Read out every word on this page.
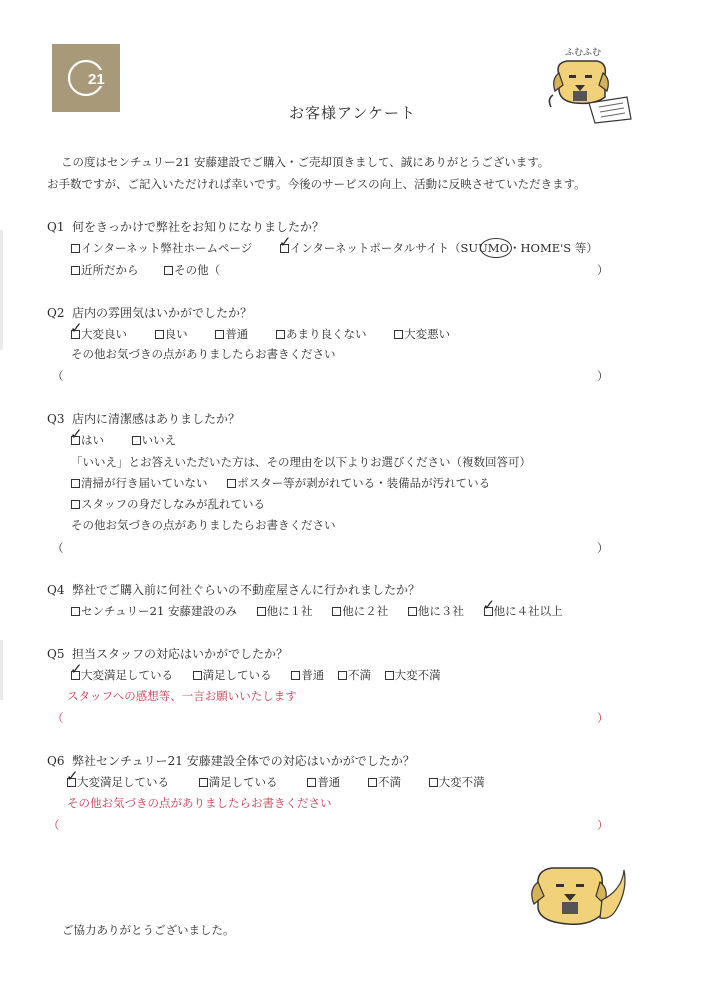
21
ふむふむ
お客様アンケート
この度はセンチュリー21 安藤建設でご購入・ご売却頂きまして、誠にありがとうございます。
お手数ですが、ご記入いただければ幸いです。今後のサービスの向上、活動に反映させていただきます。
Q1 何をきっかけで弊社をお知りになりましたか？
インターネット弊社ホームページ ✓
インターネットポータルサイト（SUUMO・HOME'S 等）
近所だから	その他（	）
Q2 店内の雰囲気はいかがでしたか？
✓
大変良い	良い	普通	あまり良くない	大変悪い
その他お気づきの点がありましたらお書きください
（	）
Q3 店内に清潔感はありましたか？
✓
はい	いいえ
「いいえ」とお答えいただいた方は、その理由を以下よりお選びください（複数回答可）
清掃が行き届いていない	ポスター等が剥がれている・装備品が汚れている
スタッフの身だしなみが乱れている
その他お気づきの点がありましたらお書きください
（	）
Q4 弊社でご購入前に何社ぐらいの不動産屋さんに行かれましたか？
センチュリー21 安藤建設のみ	他に１社	他に２社	他に３社 ✓
他に４社以上
Q5 担当スタッフの対応はいかがでしたか？
✓
大変満足している	満足している	普通 不満 大変不満
スタッフへの感想等、一言お願いいたします
（	）
Q6 弊社センチュリー21 安藤建設全体での対応はいかがでしたか？
✓
大変満足している	満足している	普通	不満	大変不満
その他お気づきの点がありましたらお書きください
（	）
ご協力ありがとうございました。
